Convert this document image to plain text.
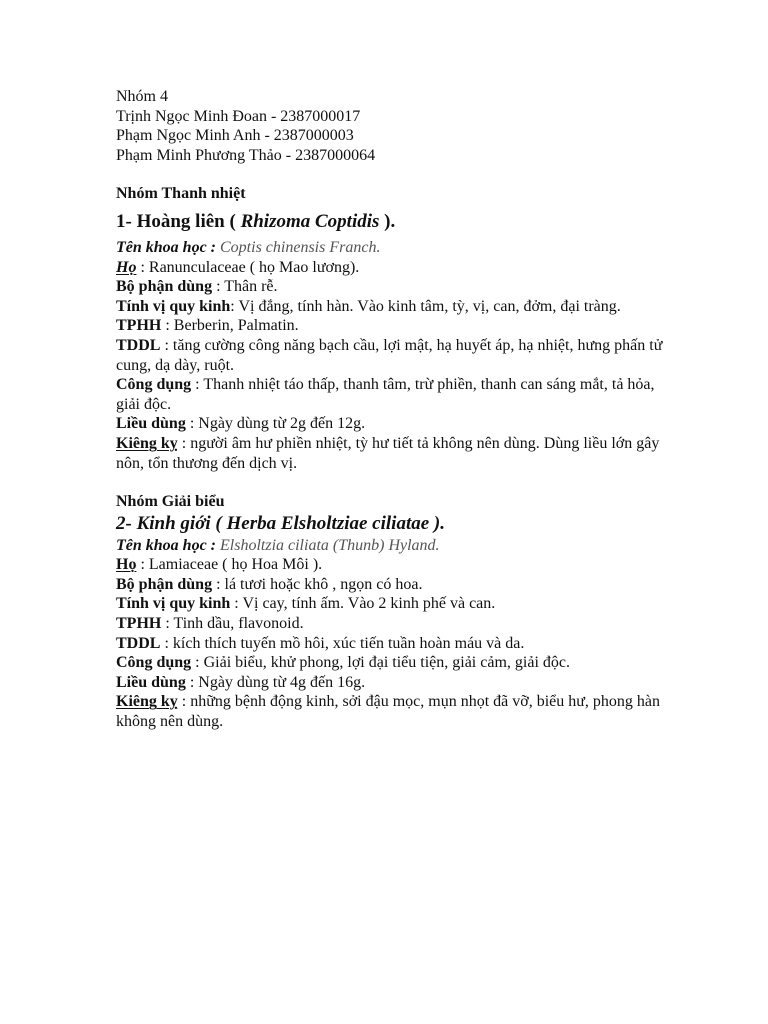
Nhóm 4

Trịnh Ngọc Minh Đoan - 2387000017

Phạm Ngọc Minh Anh - 2387000003

Phạm Minh Phương Thảo - 2387000064

Nhóm Thanh nhiệt

1- Hoàng liên ( Rhizoma Coptidis ).

Tên khoa học : Coptis chinensis Franch.

Họ : Ranunculaceae ( họ Mao lương).

Bộ phận dùng : Thân rễ.

Tính vị quy kinh: Vị đắng, tính hàn. Vào kinh tâm, tỳ, vị, can, đởm, đại tràng.

TPHH : Berberin, Palmatin.

TDDL : tăng cường công năng bạch cầu, lợi mật, hạ huyết áp, hạ nhiệt, hưng phấn tử cung, dạ dày, ruột.

Công dụng : Thanh nhiệt táo thấp, thanh tâm, trừ phiền, thanh can sáng mắt, tả hỏa, giải độc.

Liều dùng : Ngày dùng từ 2g đến 12g.

Kiêng kỵ : người âm hư phiền nhiệt, tỳ hư tiết tả không nên dùng. Dùng liều lớn gây nôn, tổn thương đến dịch vị.

Nhóm Giải biểu

2- Kinh giới ( Herba Elsholtziae ciliatae ).

Tên khoa học : Elsholtzia ciliata (Thunb) Hyland.

Họ : Lamiaceae ( họ Hoa Môi ).

Bộ phận dùng : lá tươi hoặc khô , ngọn có hoa.

Tính vị quy kinh : Vị cay, tính ấm. Vào 2 kinh phế và can.

TPHH : Tinh dầu, flavonoid.

TDDL : kích thích tuyến mồ hôi, xúc tiến tuần hoàn máu và da.

Công dụng : Giải biểu, khử phong, lợi đại tiểu tiện, giải cảm, giải độc.

Liều dùng : Ngày dùng từ 4g đến 16g.

Kiêng kỵ : những bệnh động kinh, sởi đậu mọc, mụn nhọt đã vỡ, biểu hư, phong hàn không nên dùng.
